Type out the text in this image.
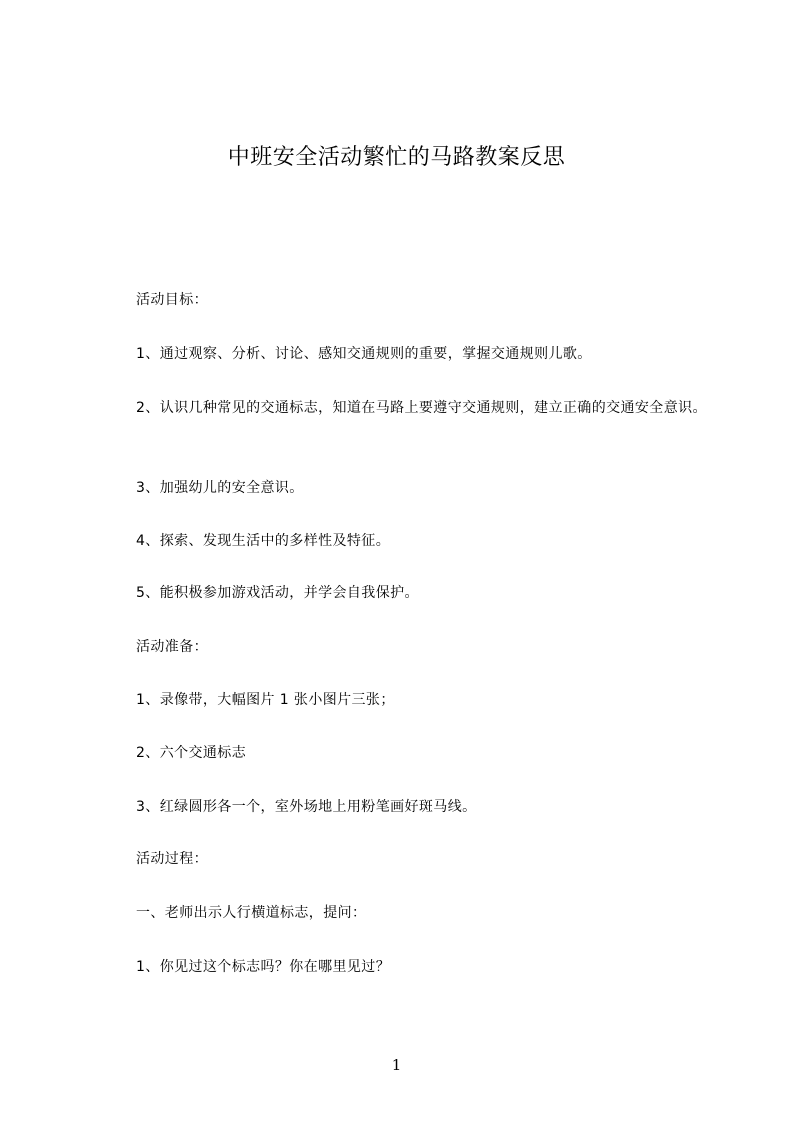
中班安全活动繁忙的马路教案反思

活动目标：

1、通过观察、分析、讨论、感知交通规则的重要，掌握交通规则儿歌。

2、认识几种常见的交通标志，知道在马路上要遵守交通规则，建立正确的交通安全意识。

3、加强幼儿的安全意识。

4、探索、发现生活中的多样性及特征。

5、能积极参加游戏活动，并学会自我保护。

活动准备：

1、录像带，大幅图片 1 张小图片三张；

2、六个交通标志

3、红绿圆形各一个，室外场地上用粉笔画好斑马线。

活动过程：

一、老师出示人行横道标志，提问：

1、你见过这个标志吗？你在哪里见过？

1
